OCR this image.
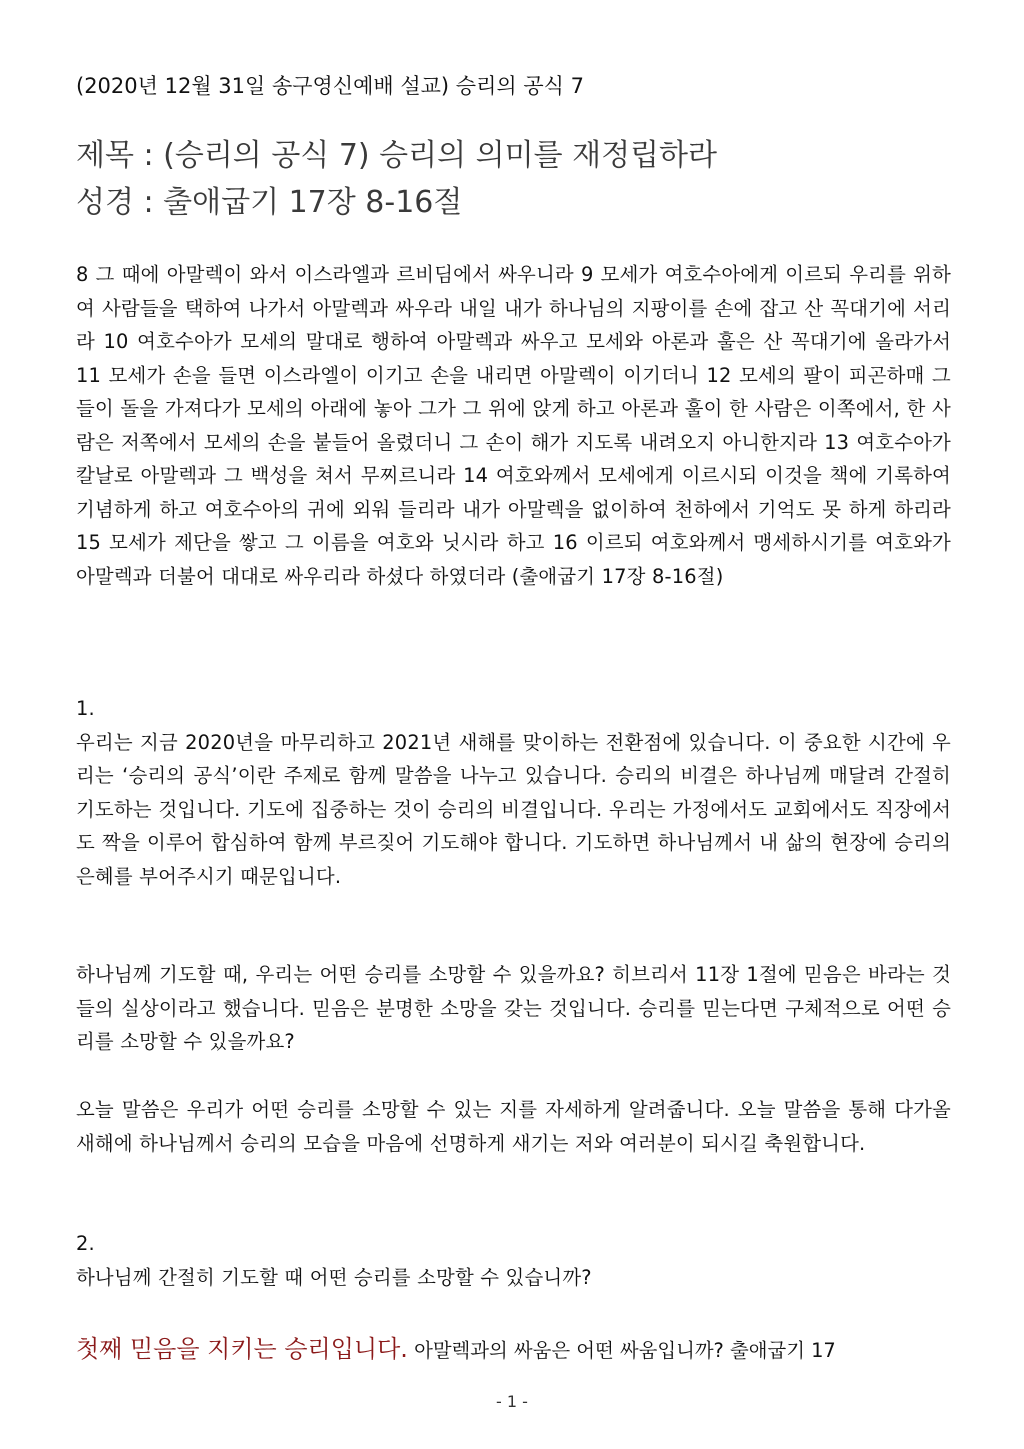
(2020년 12월 31일 송구영신예배 설교) 승리의 공식 7
제목 : (승리의 공식 7) 승리의 의미를 재정립하라
성경 : 출애굽기 17장 8-16절
8 그 때에 아말렉이 와서 이스라엘과 르비딤에서 싸우니라 9 모세가 여호수아에게 이르되 우리를 위하여 사람들을 택하여 나가서 아말렉과 싸우라 내일 내가 하나님의 지팡이를 손에 잡고 산 꼭대기에 서리라 10 여호수아가 모세의 말대로 행하여 아말렉과 싸우고 모세와 아론과 훌은 산 꼭대기에 올라가서 11 모세가 손을 들면 이스라엘이 이기고 손을 내리면 아말렉이 이기더니 12 모세의 팔이 피곤하매 그들이 돌을 가져다가 모세의 아래에 놓아 그가 그 위에 앉게 하고 아론과 훌이 한 사람은 이쪽에서, 한 사람은 저쪽에서 모세의 손을 붙들어 올렸더니 그 손이 해가 지도록 내려오지 아니한지라 13 여호수아가 칼날로 아말렉과 그 백성을 쳐서 무찌르니라 14 여호와께서 모세에게 이르시되 이것을 책에 기록하여 기념하게 하고 여호수아의 귀에 외워 들리라 내가 아말렉을 없이하여 천하에서 기억도 못 하게 하리라 15 모세가 제단을 쌓고 그 이름을 여호와 닛시라 하고 16 이르되 여호와께서 맹세하시기를 여호와가 아말렉과 더불어 대대로 싸우리라 하셨다 하였더라 (출애굽기 17장 8-16절)
1.
우리는 지금 2020년을 마무리하고 2021년 새해를 맞이하는 전환점에 있습니다. 이 중요한 시간에 우리는 ‘승리의 공식’이란 주제로 함께 말씀을 나누고 있습니다. 승리의 비결은 하나님께 매달려 간절히 기도하는 것입니다. 기도에 집중하는 것이 승리의 비결입니다. 우리는 가정에서도 교회에서도 직장에서도 짝을 이루어 합심하여 함께 부르짖어 기도해야 합니다. 기도하면 하나님께서 내 삶의 현장에 승리의 은혜를 부어주시기 때문입니다.
하나님께 기도할 때, 우리는 어떤 승리를 소망할 수 있을까요? 히브리서 11장 1절에 믿음은 바라는 것들의 실상이라고 했습니다. 믿음은 분명한 소망을 갖는 것입니다. 승리를 믿는다면 구체적으로 어떤 승리를 소망할 수 있을까요?
오늘 말씀은 우리가 어떤 승리를 소망할 수 있는 지를 자세하게 알려줍니다. 오늘 말씀을 통해 다가올 새해에 하나님께서 승리의 모습을 마음에 선명하게 새기는 저와 여러분이 되시길 축원합니다.
2.
하나님께 간절히 기도할 때 어떤 승리를 소망할 수 있습니까?
첫째 믿음을 지키는 승리입니다. 아말렉과의 싸움은 어떤 싸움입니까? 출애굽기 17
- 1 -
